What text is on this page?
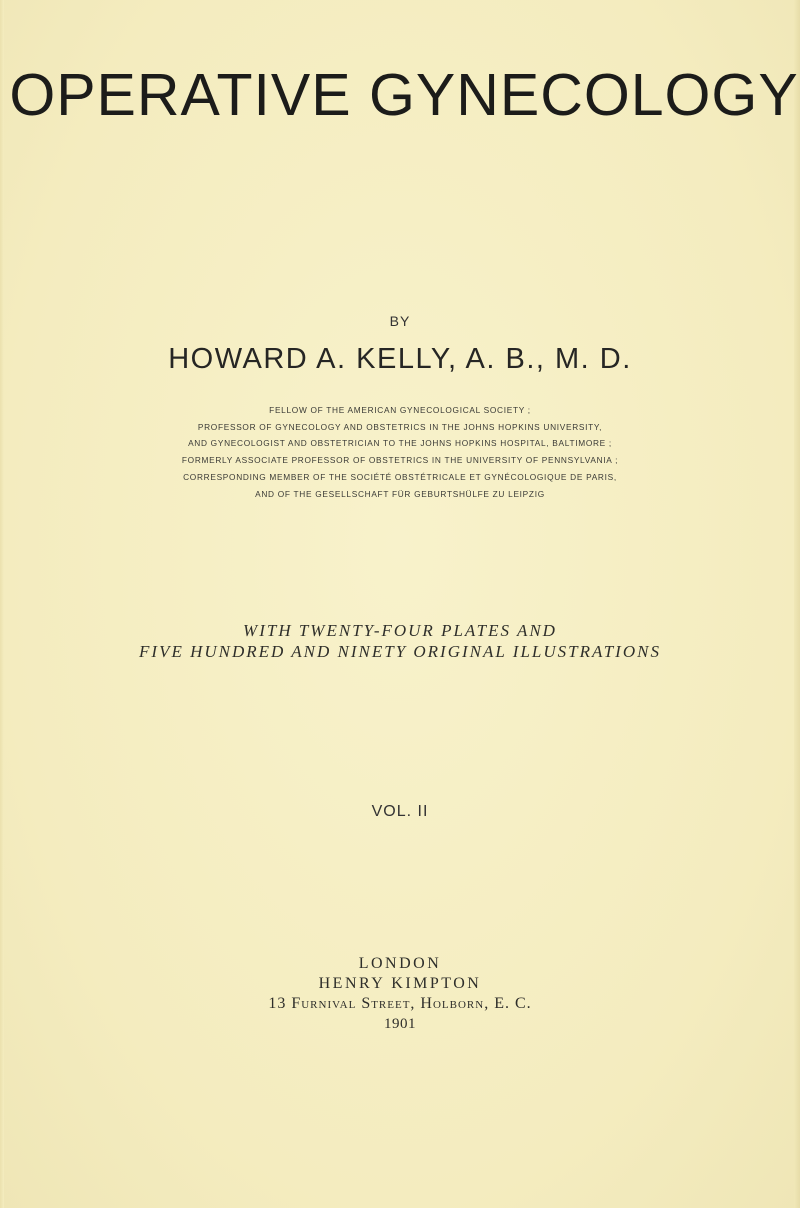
OPERATIVE GYNECOLOGY
BY
HOWARD A. KELLY, A. B., M. D.
FELLOW OF THE AMERICAN GYNECOLOGICAL SOCIETY ;
PROFESSOR OF GYNECOLOGY AND OBSTETRICS IN THE JOHNS HOPKINS UNIVERSITY,
AND GYNECOLOGIST AND OBSTETRICIAN TO THE JOHNS HOPKINS HOSPITAL, BALTIMORE ;
FORMERLY ASSOCIATE PROFESSOR OF OBSTETRICS IN THE UNIVERSITY OF PENNSYLVANIA ;
CORRESPONDING MEMBER OF THE SOCIÉTÉ OBSTÉTRICALE ET GYNÉCOLOGIQUE DE PARIS,
AND OF THE GESELLSCHAFT FÜR GEBURTSHÜLFE ZU LEIPZIG
WITH TWENTY-FOUR PLATES AND
FIVE HUNDRED AND NINETY ORIGINAL ILLUSTRATIONS
VOL. II
LONDON
HENRY KIMPTON
13 Furnival Street, Holborn, E. C.
1901
